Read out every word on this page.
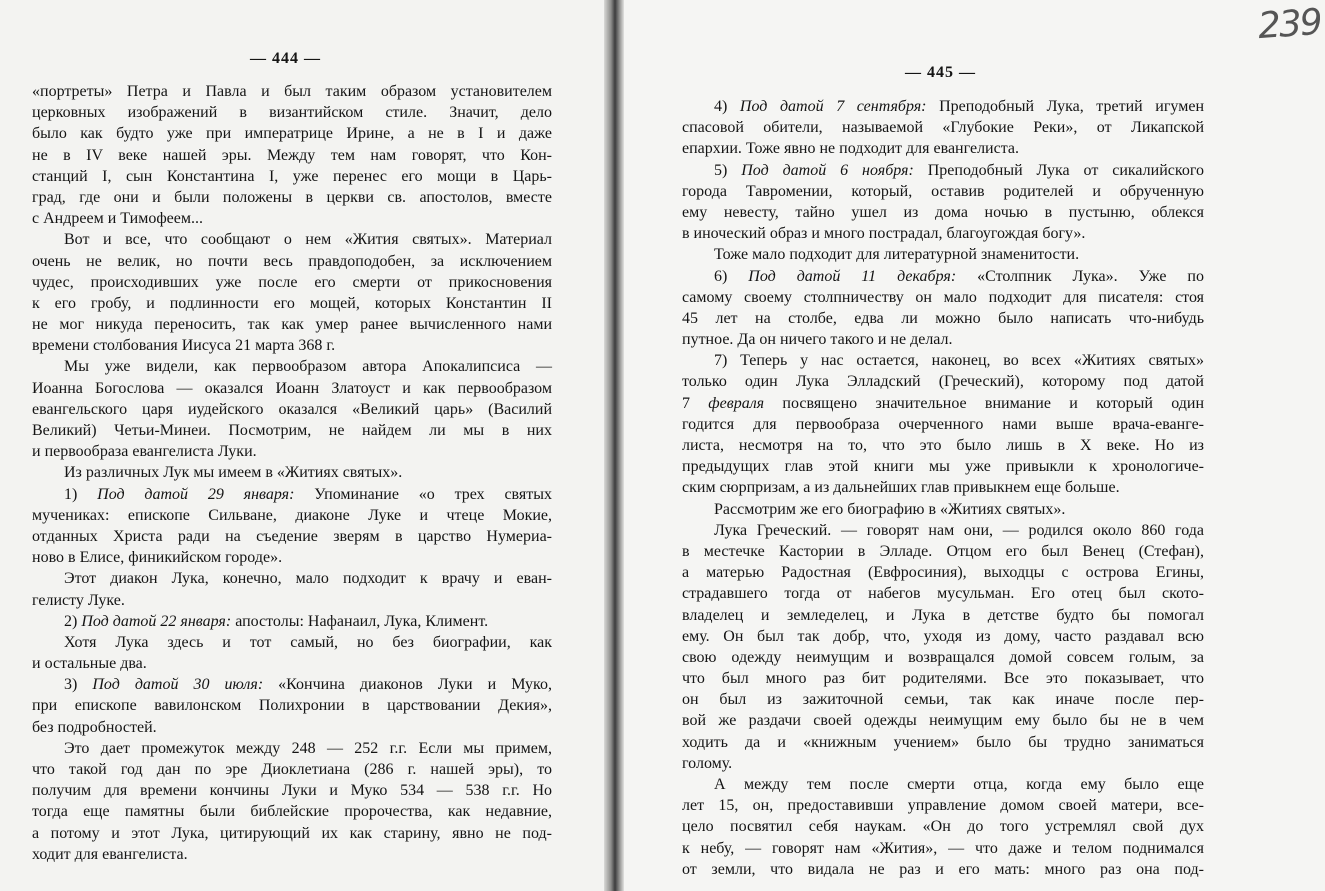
— 444 —
«портреты» Петра и Павла и был таким образом установителем
церковных изображений в византийском стиле. Значит, дело
было как будто уже при императрице Ирине, а не в I и даже
не в IV веке нашей эры. Между тем нам говорят, что Кон-
станций I, сын Константина I, уже перенес его мощи в Царь-
град, где они и были положены в церкви св. апостолов, вместе
с Андреем и Тимофеем...
Вот и все, что сообщают о нем «Жития святых». Материал
очень не велик, но почти весь правдоподобен, за исключением
чудес, происходивших уже после его смерти от прикосновения
к его гробу, и подлинности его мощей, которых Константин II
не мог никуда переносить, так как умер ранее вычисленного нами
времени столбования Иисуса 21 марта 368 г.
Мы уже видели, как первообразом автора Апокалипсиса —
Иоанна Богослова — оказался Иоанн Златоуст и как первообразом
евангельского царя иудейского оказался «Великий царь» (Василий
Великий) Четьи-Минеи. Посмотрим, не найдем ли мы в них
и первообраза евангелиста Луки.
Из различных Лук мы имеем в «Житиях святых».
1) Под датой 29 января: Упоминание «о трех святых
мучениках: епископе Сильване, диаконе Луке и чтеце Мокие,
отданных Христа ради на съедение зверям в царство Нумериа-
ново в Елисе, финикийском городе».
Этот диакон Лука, конечно, мало подходит к врачу и еван-
гелисту Луке.
2) Под датой 22 января: апостолы: Нафанаил, Лука, Климент.
Хотя Лука здесь и тот самый, но без биографии, как
и остальные два.
3) Под датой 30 июля: «Кончина диаконов Луки и Муко,
при епископе вавилонском Полихронии в царствовании Декия»,
без подробностей.
Это дает промежуток между 248 — 252 г.г. Если мы примем,
что такой год дан по эре Диоклетиана (286 г. нашей эры), то
получим для времени кончины Луки и Муко 534 — 538 г.г. Но
тогда еще памятны были библейские пророчества, как недавние,
а потому и этот Лука, цитирующий их как старину, явно не под-
ходит для евангелиста.
239
— 445 —
4) Под датой 7 сентября: Преподобный Лука, третий игумен
спасовой обители, называемой «Глубокие Реки», от Ликапской
епархии. Тоже явно не подходит для евангелиста.
5) Под датой 6 ноября: Преподобный Лука от сикалийского
города Тавромении, который, оставив родителей и обрученную
ему невесту, тайно ушел из дома ночью в пустыню, облекся
в иноческий образ и много пострадал, благоугождая богу».
Тоже мало подходит для литературной знаменитости.
6) Под датой 11 декабря: «Столпник Лука». Уже по
самому своему столпничеству он мало подходит для писателя: стоя
45 лет на столбе, едва ли можно было написать что-нибудь
путное. Да он ничего такого и не делал.
7) Теперь у нас остается, наконец, во всех «Житиях святых»
только один Лука Элладский (Греческий), которому под датой
7 февраля посвящено значительное внимание и который один
годится для первообраза очерченного нами выше врача-еванге-
листа, несмотря на то, что это было лишь в X веке. Но из
предыдущих глав этой книги мы уже привыкли к хронологиче-
ским сюрпризам, а из дальнейших глав привыкнем еще больше.
Рассмотрим же его биографию в «Житиях святых».
Лука Греческий. — говорят нам они, — родился около 860 года
в местечке Кастории в Элладе. Отцом его был Венец (Стефан),
а матерью Радостная (Евфросиния), выходцы с острова Егины,
страдавшего тогда от набегов мусульман. Его отец был ското-
владелец и земледелец, и Лука в детстве будто бы помогал
ему. Он был так добр, что, уходя из дому, часто раздавал всю
свою одежду неимущим и возвращался домой совсем голым, за
что был много раз бит родителями. Все это показывает, что
он был из зажиточной семьи, так как иначе после пер-
вой же раздачи своей одежды неимущим ему было бы не в чем
ходить да и «книжным учением» было бы трудно заниматься
голому.
А между тем после смерти отца, когда ему было еще
лет 15, он, предоставивши управление домом своей матери, все-
цело посвятил себя наукам. «Он до того устремлял свой дух
к небу, — говорят нам «Жития», — что даже и телом поднимался
от земли, что видала не раз и его мать: много раз она под-
